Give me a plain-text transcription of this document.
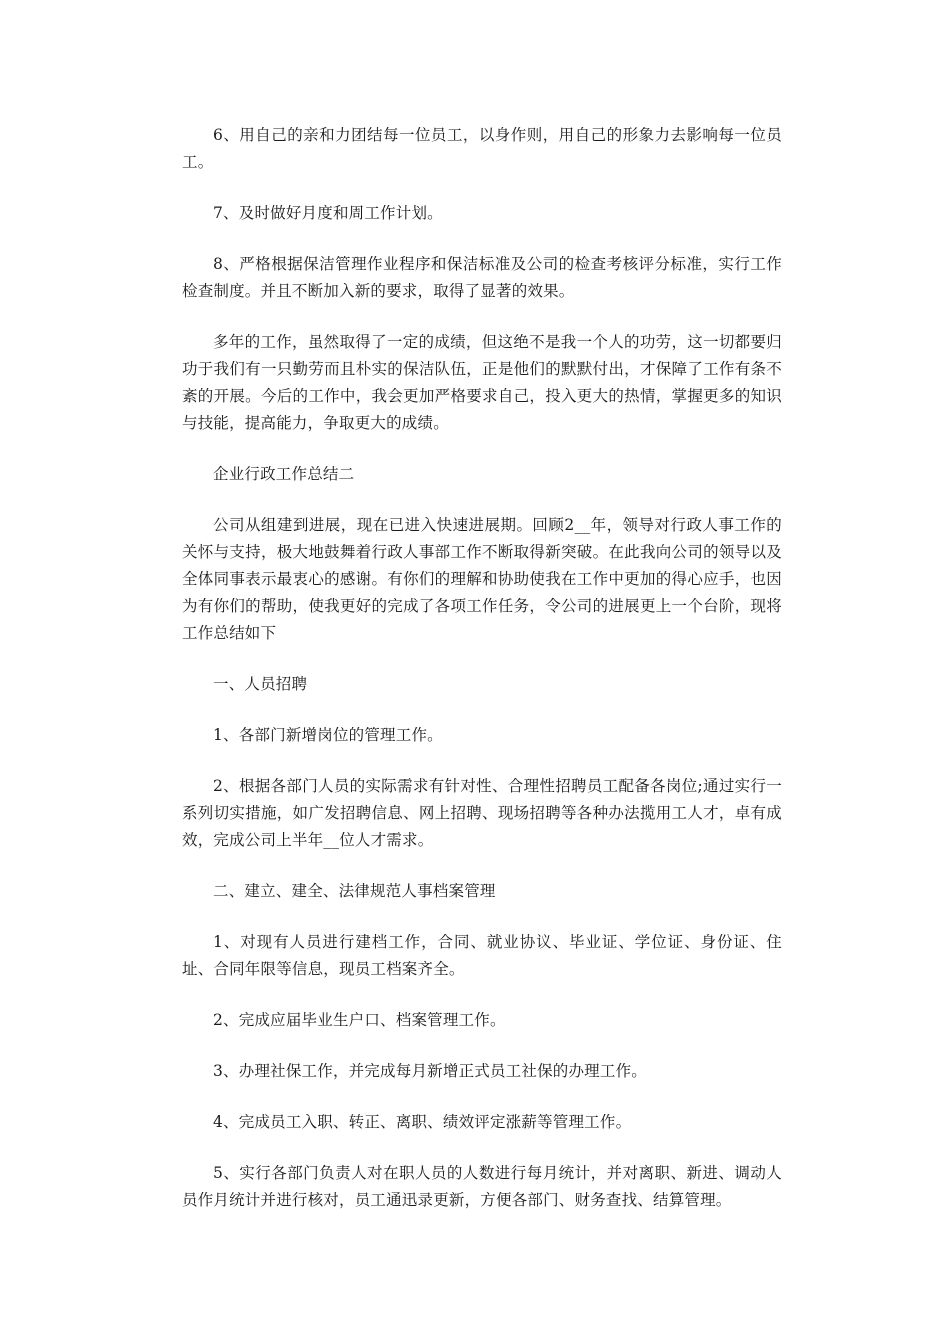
6、用自己的亲和力团结每一位员工，以身作则，用自己的形象力去影响每一位员工。

7、及时做好月度和周工作计划。

8、严格根据保洁管理作业程序和保洁标准及公司的检查考核评分标准，实行工作检查制度。并且不断加入新的要求，取得了显著的效果。

多年的工作，虽然取得了一定的成绩，但这绝不是我一个人的功劳，这一切都要归功于我们有一只勤劳而且朴实的保洁队伍，正是他们的默默付出，才保障了工作有条不紊的开展。今后的工作中，我会更加严格要求自己，投入更大的热情，掌握更多的知识与技能，提高能力，争取更大的成绩。

企业行政工作总结二

公司从组建到进展，现在已进入快速进展期。回顾2__年，领导对行政人事工作的关怀与支持，极大地鼓舞着行政人事部工作不断取得新突破。在此我向公司的领导以及全体同事表示最衷心的感谢。有你们的理解和协助使我在工作中更加的得心应手，也因为有你们的帮助，使我更好的完成了各项工作任务，令公司的进展更上一个台阶，现将工作总结如下

一、人员招聘

1、各部门新增岗位的管理工作。

2、根据各部门人员的实际需求有针对性、合理性招聘员工配备各岗位;通过实行一系列切实措施，如广发招聘信息、网上招聘、现场招聘等各种办法揽用工人才，卓有成效，完成公司上半年__位人才需求。

二、建立、建全、法律规范人事档案管理

1、对现有人员进行建档工作，合同、就业协议、毕业证、学位证、身份证、住址、合同年限等信息，现员工档案齐全。

2、完成应届毕业生户口、档案管理工作。

3、办理社保工作，并完成每月新增正式员工社保的办理工作。

4、完成员工入职、转正、离职、绩效评定涨薪等管理工作。

5、实行各部门负责人对在职人员的人数进行每月统计，并对离职、新进、调动人员作月统计并进行核对，员工通迅录更新，方便各部门、财务查找、结算管理。
